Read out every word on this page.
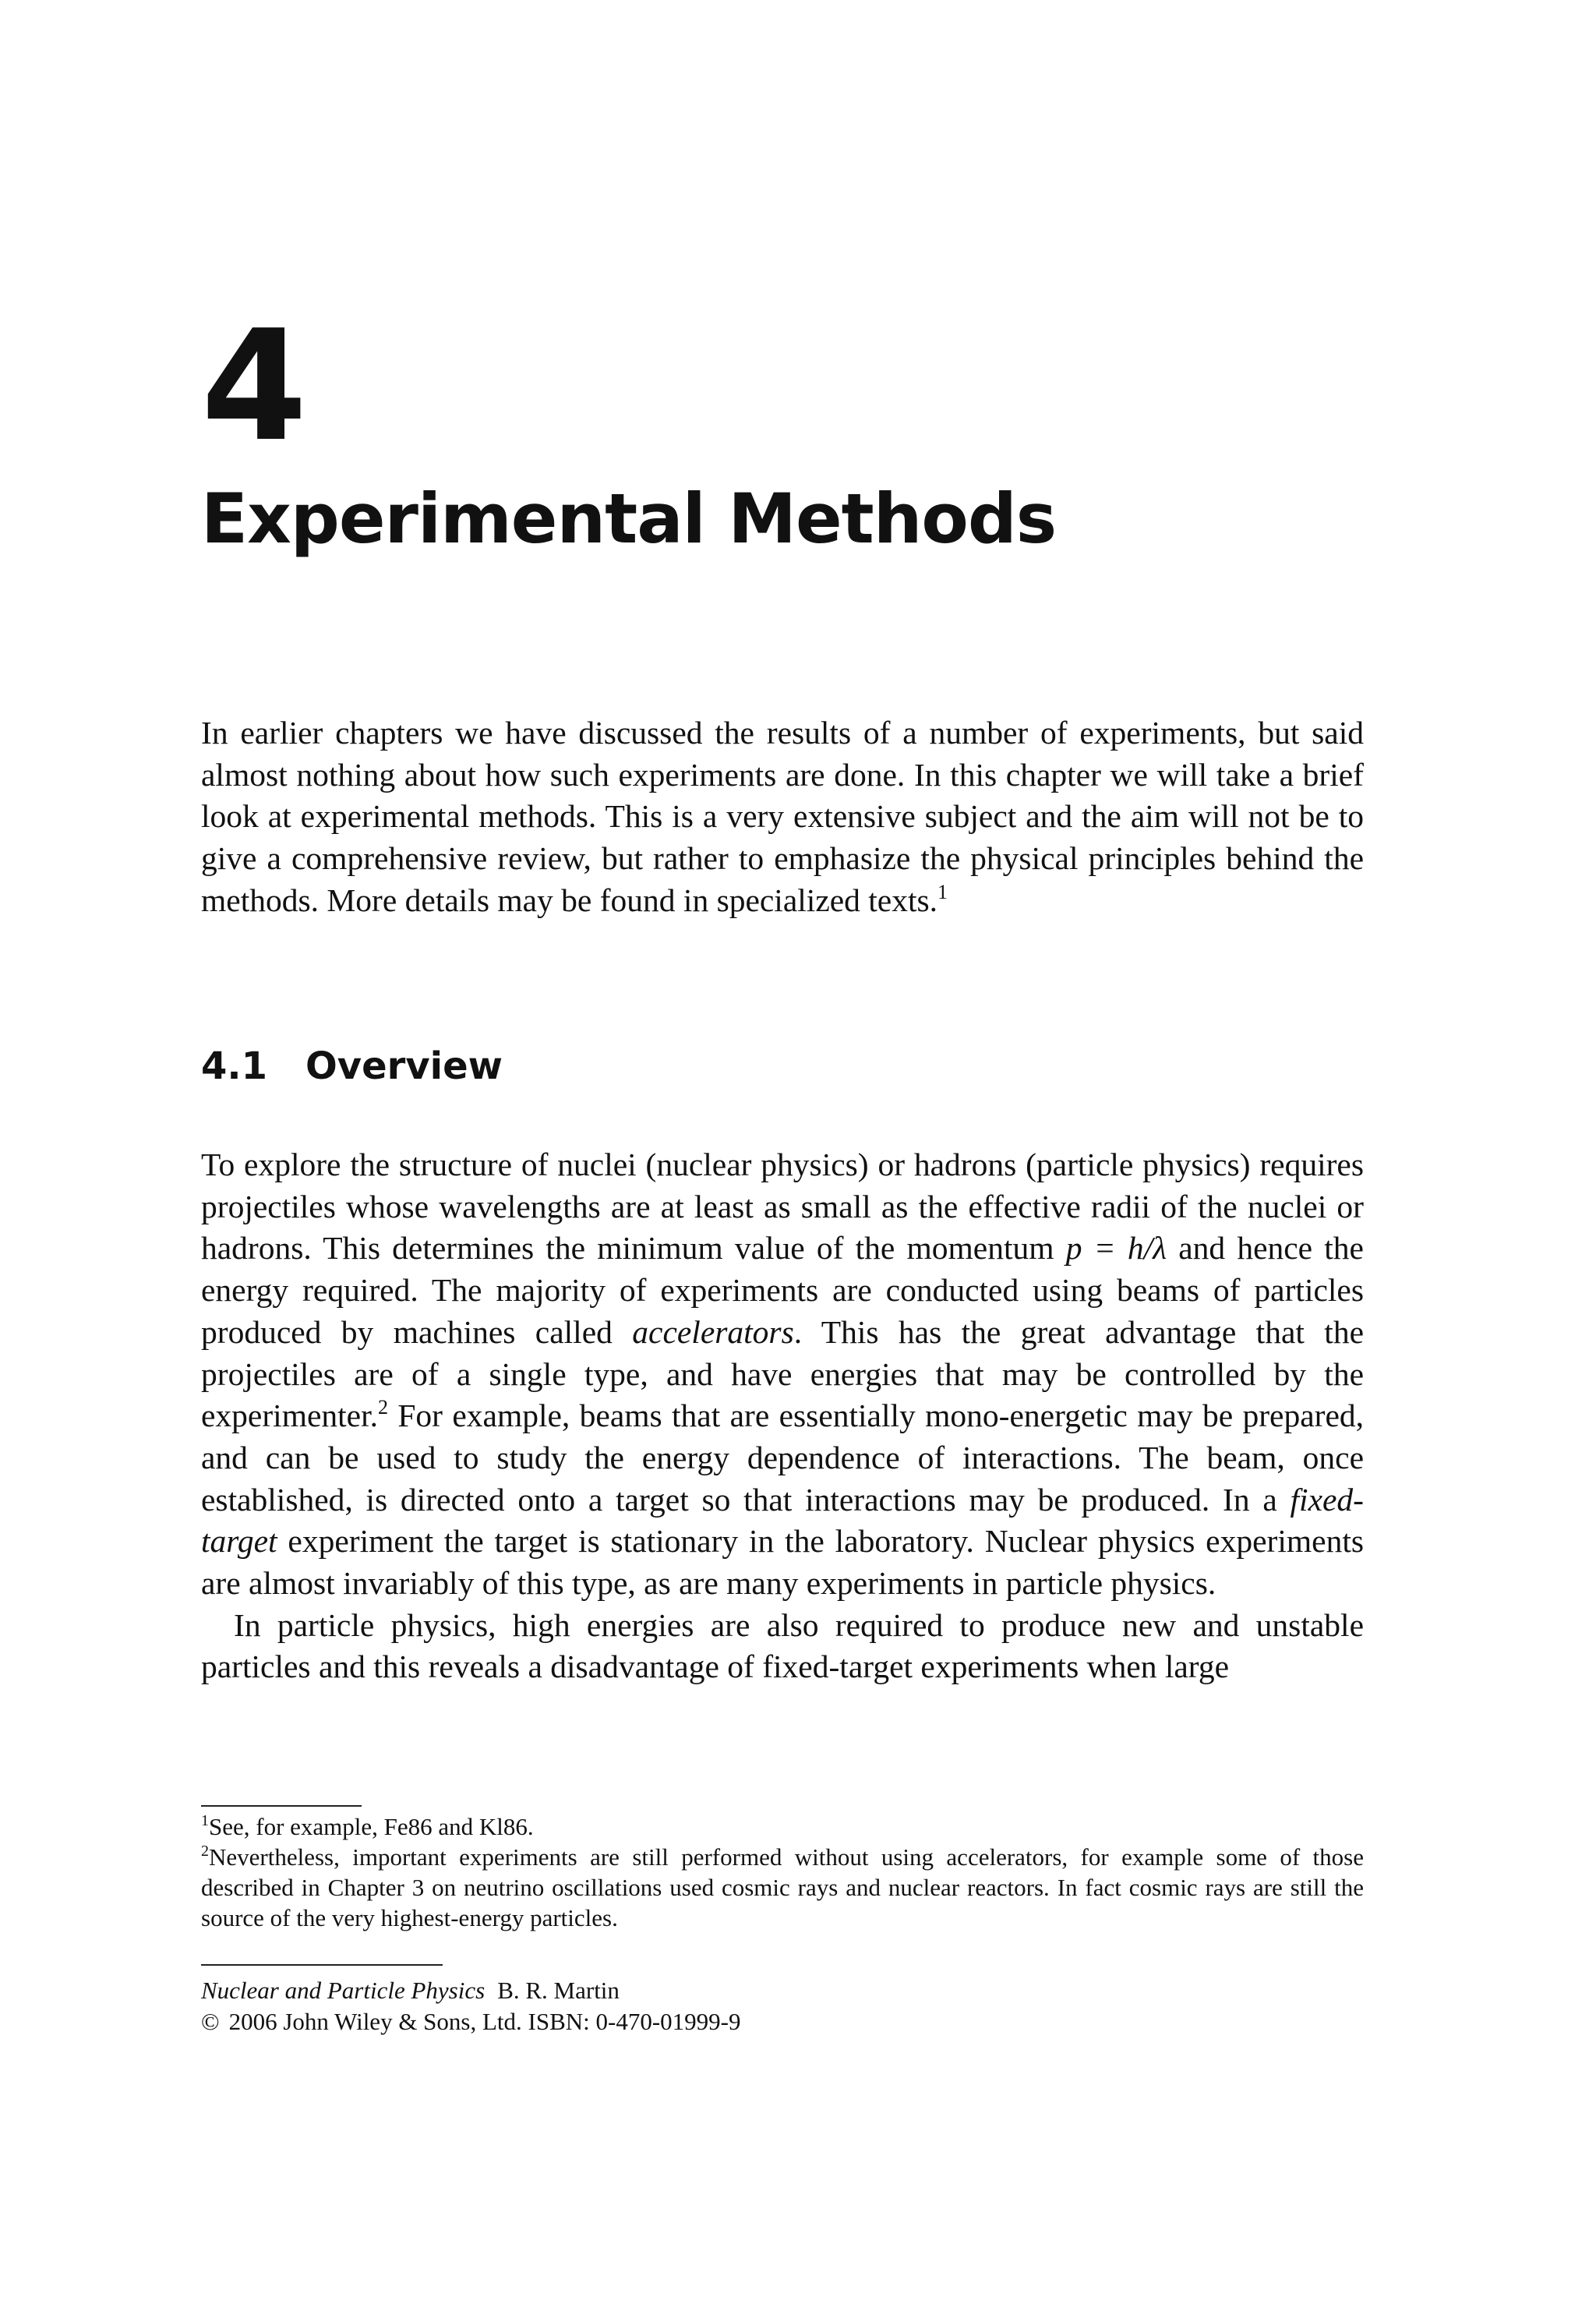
4
Experimental Methods

In earlier chapters we have discussed the results of a number of experiments, but said almost nothing about how such experiments are done. In this chapter we will take a brief look at experimental methods. This is a very extensive subject and the aim will not be to give a comprehensive review, but rather to emphasize the physical principles behind the methods. More details may be found in specialized texts.$^1$

4.1 Overview

To explore the structure of nuclei (nuclear physics) or hadrons (particle physics) requires projectiles whose wavelengths are at least as small as the effective radii of the nuclei or hadrons. This determines the minimum value of the momentum p = h/λ and hence the energy required. The majority of experiments are conducted using beams of particles produced by machines called accelerators. This has the great advantage that the projectiles are of a single type, and have energies that may be controlled by the experimenter.$^2$ For example, beams that are essentially mono-energetic may be prepared, and can be used to study the energy dependence of interactions. The beam, once established, is directed onto a target so that interactions may be produced. In a fixed-target experiment the target is stationary in the laboratory. Nuclear physics experiments are almost invariably of this type, as are many experiments in particle physics.

In particle physics, high energies are also required to produce new and unstable particles and this reveals a disadvantage of fixed-target experiments when large

$^1$See, for example, Fe86 and Kl86.

$^2$Nevertheless, important experiments are still performed without using accelerators, for example some of those described in Chapter 3 on neutrino oscillations used cosmic rays and nuclear reactors. In fact cosmic rays are still the source of the very highest-energy particles.

Nuclear and Particle Physics B. R. Martin
© 2006 John Wiley & Sons, Ltd. ISBN: 0-470-01999-9
